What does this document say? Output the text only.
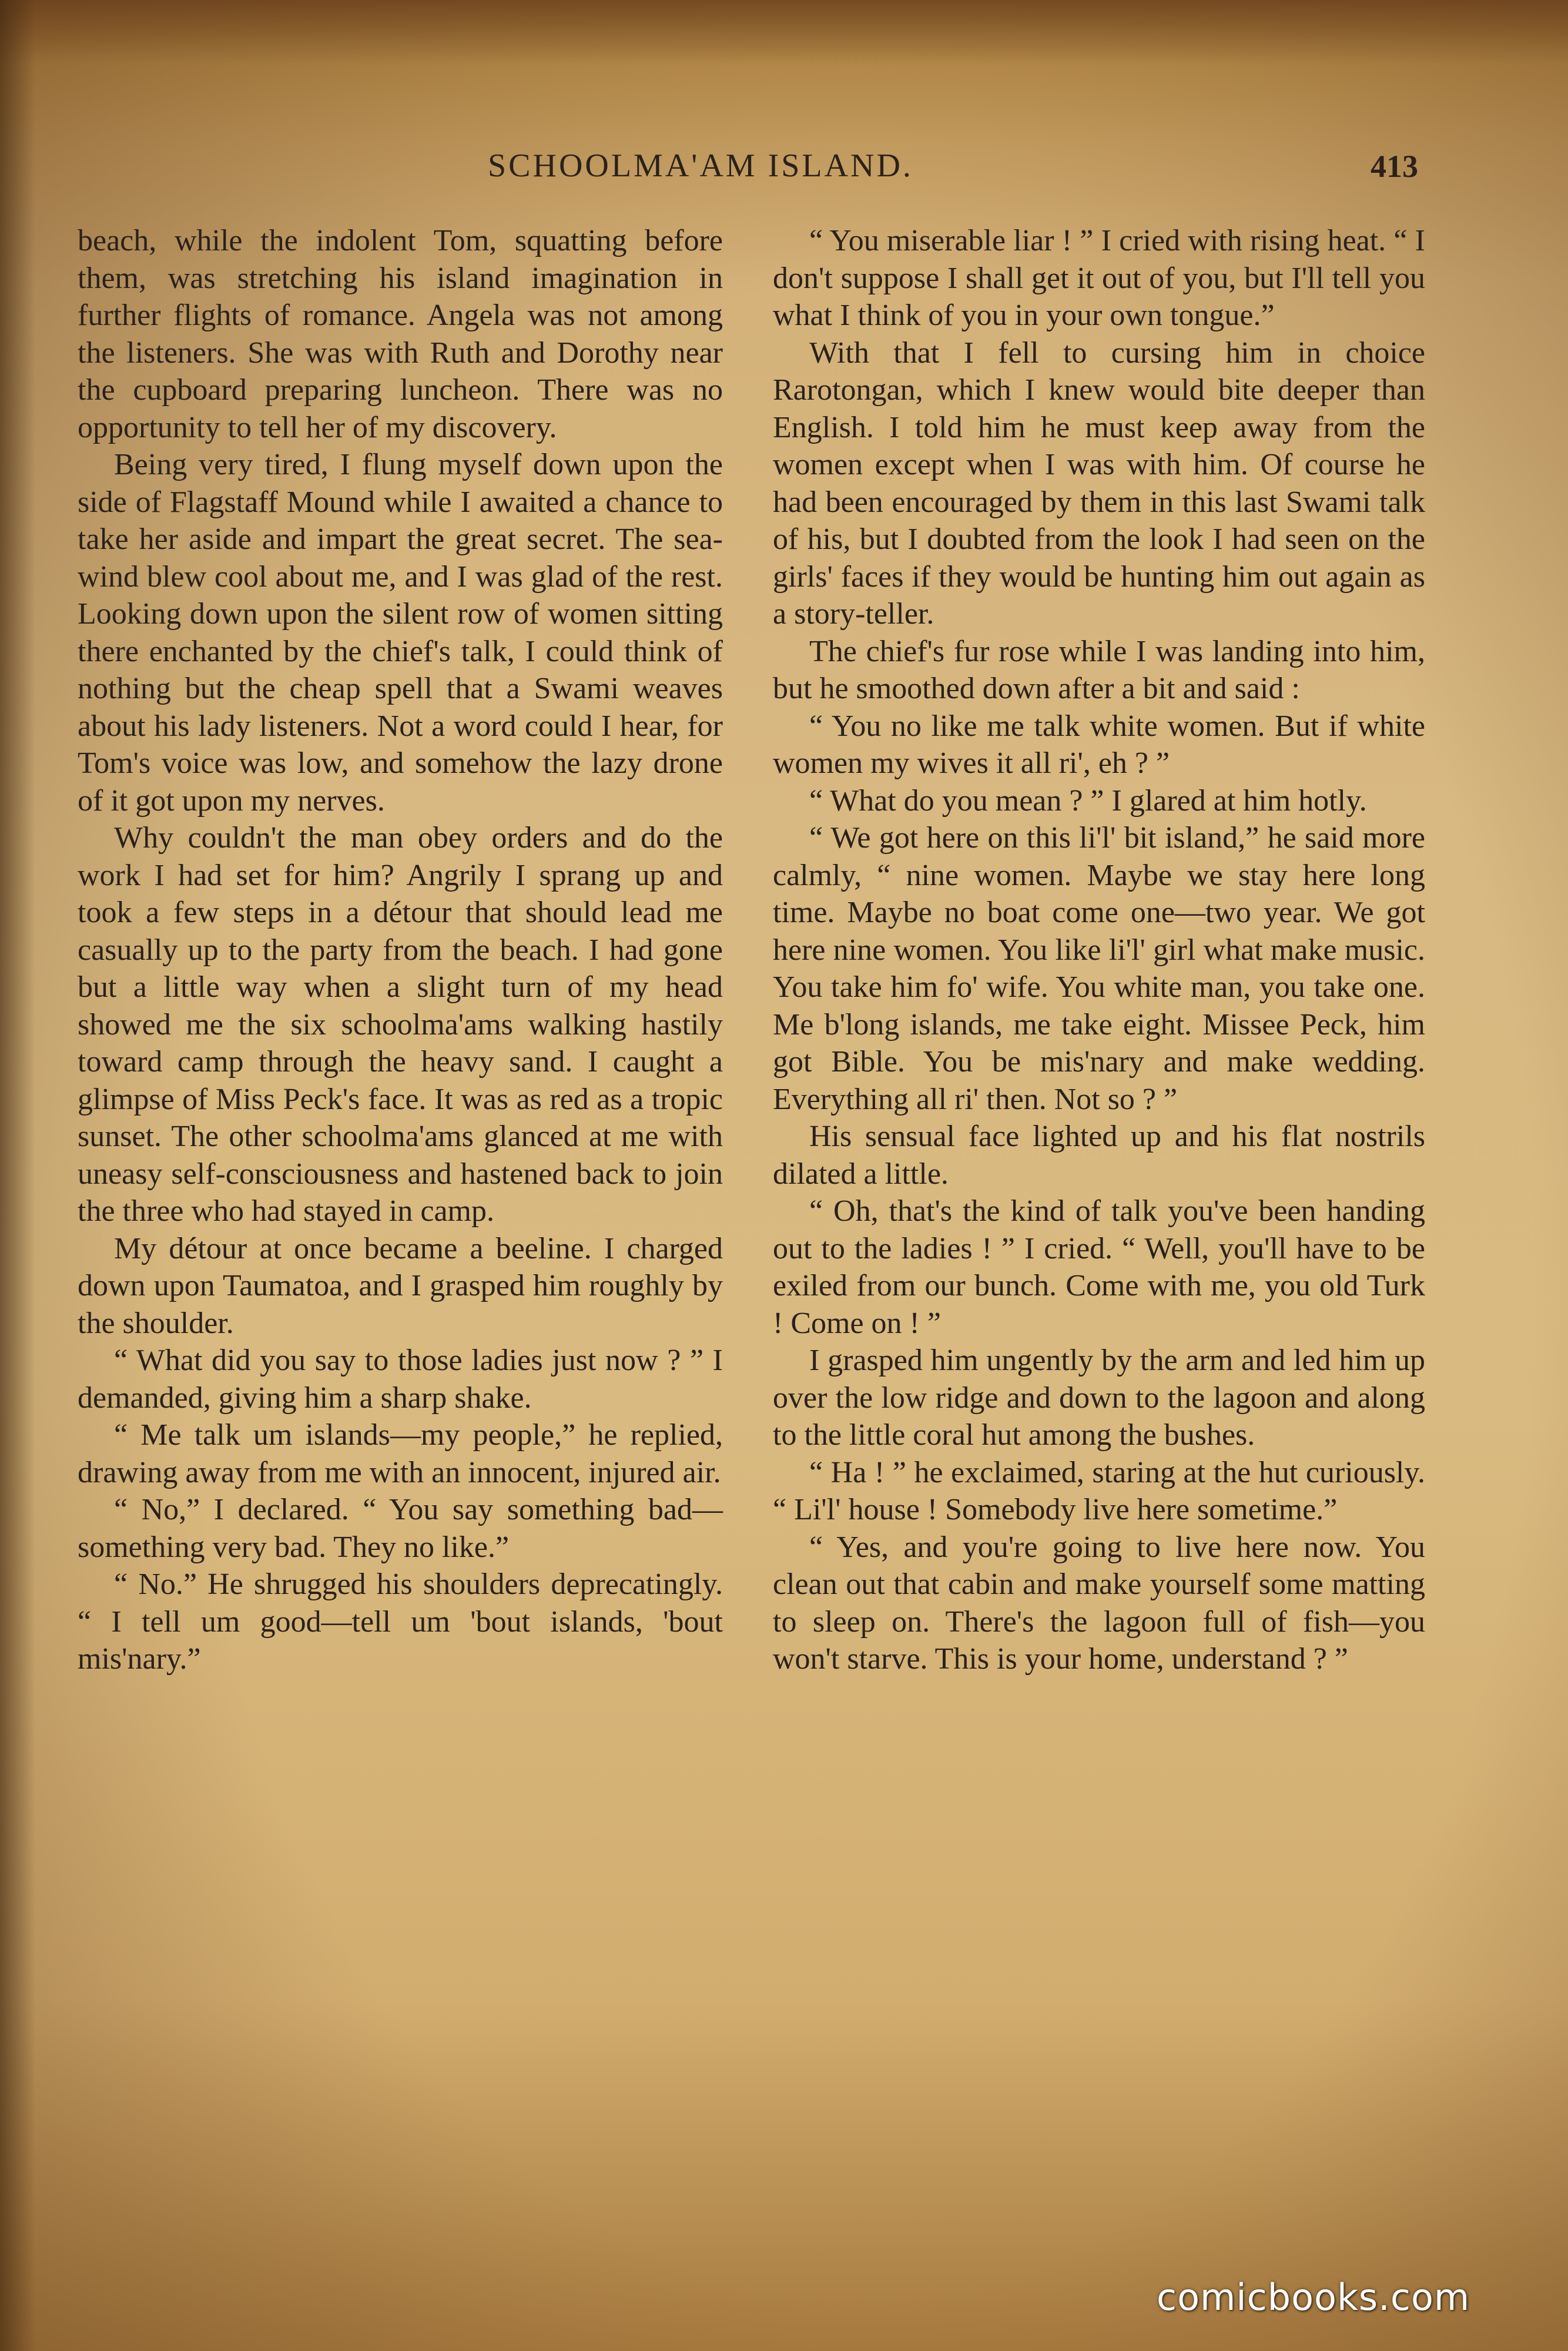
SCHOOLMA'AM ISLAND.	413

beach, while the indolent Tom, squatting before them, was stretching his island imagination in further flights of romance. Angela was not among the listeners. She was with Ruth and Dorothy near the cupboard preparing luncheon. There was no opportunity to tell her of my discovery.

Being very tired, I flung myself down upon the side of Flagstaff Mound while I awaited a chance to take her aside and impart the great secret. The sea-wind blew cool about me, and I was glad of the rest. Looking down upon the silent row of women sitting there enchanted by the chief's talk, I could think of nothing but the cheap spell that a Swami weaves about his lady listeners. Not a word could I hear, for Tom's voice was low, and somehow the lazy drone of it got upon my nerves.

Why couldn't the man obey orders and do the work I had set for him? Angrily I sprang up and took a few steps in a détour that should lead me casually up to the party from the beach. I had gone but a little way when a slight turn of my head showed me the six schoolma'ams walking hastily toward camp through the heavy sand. I caught a glimpse of Miss Peck's face. It was as red as a tropic sunset. The other schoolma'ams glanced at me with uneasy self-consciousness and hastened back to join the three who had stayed in camp.

My détour at once became a beeline. I charged down upon Taumatoa, and I grasped him roughly by the shoulder.

“ What did you say to those ladies just now ? ” I demanded, giving him a sharp shake.

“ Me talk um islands—my people,” he replied, drawing away from me with an innocent, injured air.

“ No,” I declared. “ You say something bad—something very bad. They no like.”

“ No.” He shrugged his shoulders deprecatingly. “ I tell um good—tell um 'bout islands, 'bout mis'nary.”

“ You miserable liar ! ” I cried with rising heat. “ I don't suppose I shall get it out of you, but I'll tell you what I think of you in your own tongue.”

With that I fell to cursing him in choice Rarotongan, which I knew would bite deeper than English. I told him he must keep away from the women except when I was with him. Of course he had been encouraged by them in this last Swami talk of his, but I doubted from the look I had seen on the girls' faces if they would be hunting him out again as a story-teller.

The chief's fur rose while I was landing into him, but he smoothed down after a bit and said :

“ You no like me talk white women. But if white women my wives it all ri', eh ? ”

“ What do you mean ? ” I glared at him hotly.

“ We got here on this li'l' bit island,” he said more calmly, “ nine women. Maybe we stay here long time. Maybe no boat come one—two year. We got here nine women. You like li'l' girl what make music. You take him fo' wife. You white man, you take one. Me b'long islands, me take eight. Missee Peck, him got Bible. You be mis'nary and make wedding. Everything all ri' then. Not so ? ”

His sensual face lighted up and his flat nostrils dilated a little.

“ Oh, that's the kind of talk you've been handing out to the ladies ! ” I cried. “ Well, you'll have to be exiled from our bunch. Come with me, you old Turk ! Come on ! ”

I grasped him ungently by the arm and led him up over the low ridge and down to the lagoon and along to the little coral hut among the bushes.

“ Ha ! ” he exclaimed, staring at the hut curiously. “ Li'l' house ! Somebody live here sometime.”

“ Yes, and you're going to live here now. You clean out that cabin and make yourself some matting to sleep on. There's the lagoon full of fish—you won't starve. This is your home, understand ? ”

comicbooks.com
